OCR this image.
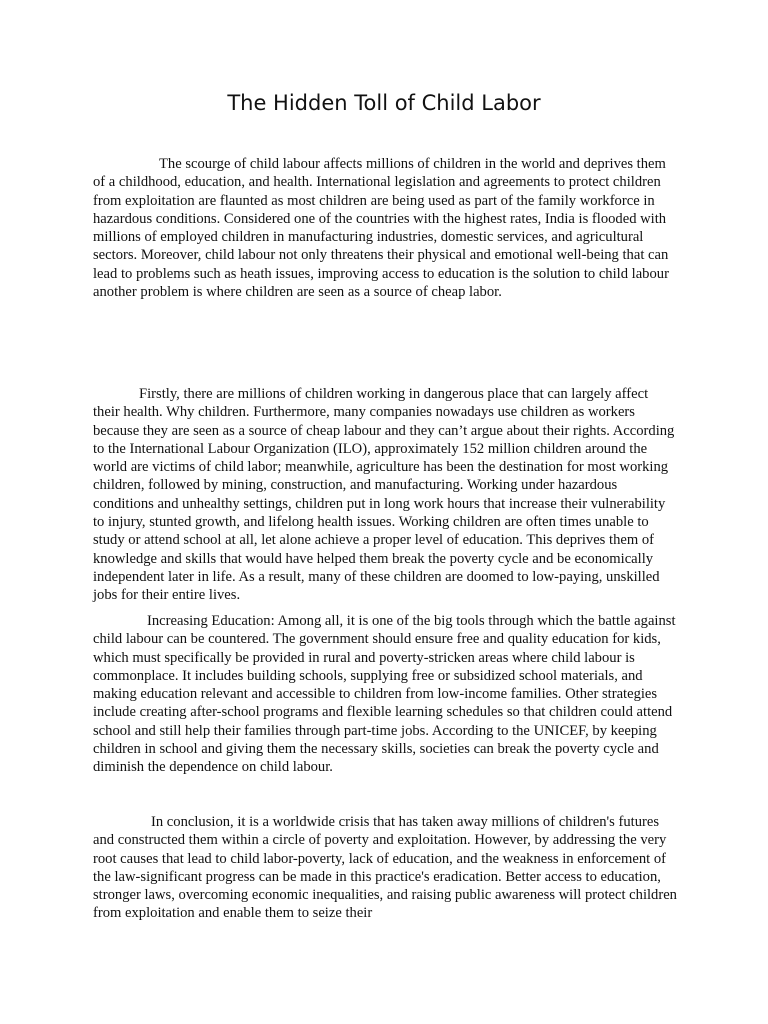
The Hidden Toll of Child Labor

The scourge of child labour affects millions of children in the world and deprives them of a childhood, education, and health. International legislation and agreements to protect children from exploitation are flaunted as most children are being used as part of the family workforce in hazardous conditions. Considered one of the countries with the highest rates, India is flooded with millions of employed children in manufacturing industries, domestic services, and agricultural sectors. Moreover, child labour not only threatens their physical and emotional well-being that can lead to problems such as heath issues, improving access to education is the solution to child labour another problem is where children are seen as a source of cheap labor.

Firstly, there are millions of children working in dangerous place that can largely affect their health. Why children. Furthermore, many companies nowadays use children as workers because they are seen as a source of cheap labour and they can’t argue about their rights. According to the International Labour Organization (ILO), approximately 152 million children around the world are victims of child labor; meanwhile, agriculture has been the destination for most working children, followed by mining, construction, and manufacturing. Working under hazardous conditions and unhealthy settings, children put in long work hours that increase their vulnerability to injury, stunted growth, and lifelong health issues. Working children are often times unable to study or attend school at all, let alone achieve a proper level of education. This deprives them of knowledge and skills that would have helped them break the poverty cycle and be economically independent later in life. As a result, many of these children are doomed to low-paying, unskilled jobs for their entire lives.

Increasing Education: Among all, it is one of the big tools through which the battle against child labour can be countered. The government should ensure free and quality education for kids, which must specifically be provided in rural and poverty-stricken areas where child labour is commonplace. It includes building schools, supplying free or subsidized school materials, and making education relevant and accessible to children from low-income families. Other strategies include creating after-school programs and flexible learning schedules so that children could attend school and still help their families through part-time jobs. According to the UNICEF, by keeping children in school and giving them the necessary skills, societies can break the poverty cycle and diminish the dependence on child labour.

In conclusion, it is a worldwide crisis that has taken away millions of children's futures and constructed them within a circle of poverty and exploitation. However, by addressing the very root causes that lead to child labor-poverty, lack of education, and the weakness in enforcement of the law-significant progress can be made in this practice's eradication. Better access to education, stronger laws, overcoming economic inequalities, and raising public awareness will protect children from exploitation and enable them to seize their
